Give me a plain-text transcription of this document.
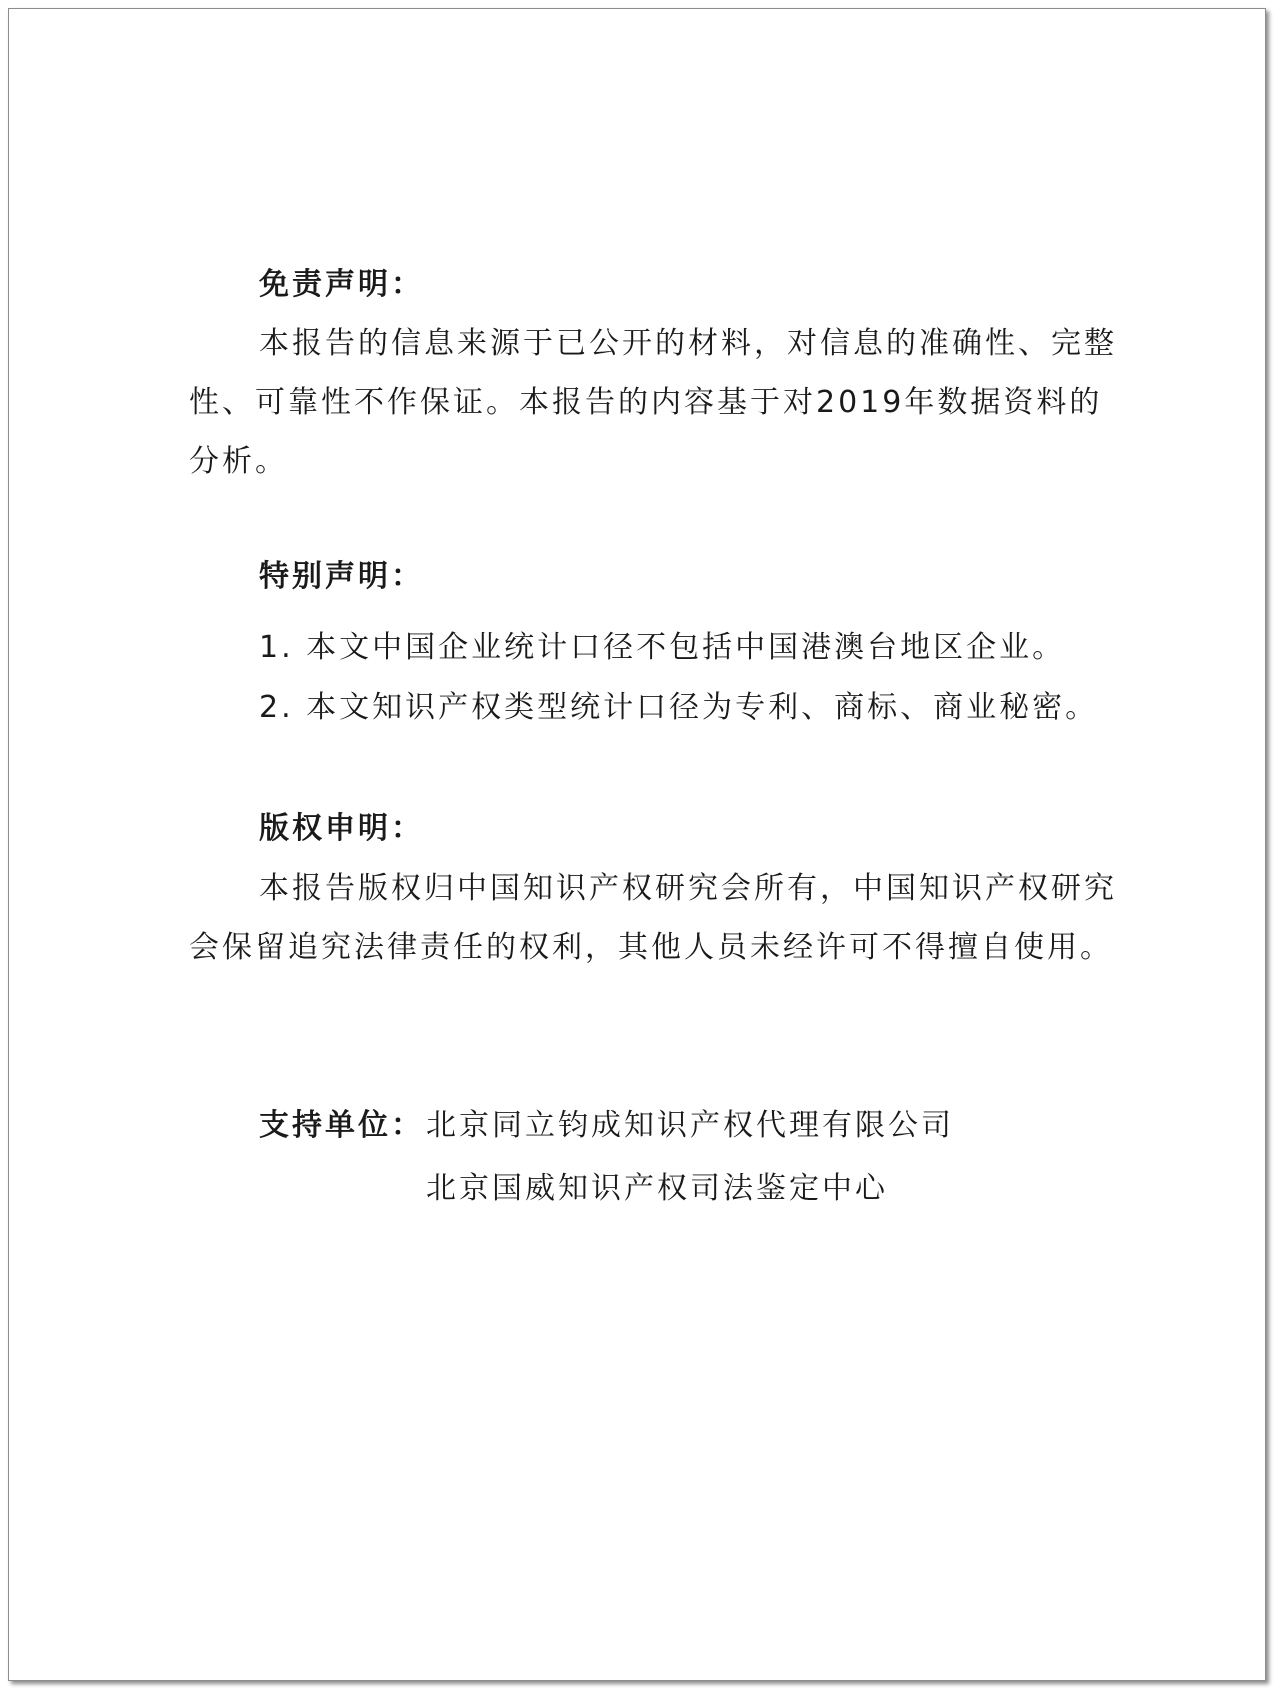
免责声明：

本报告的信息来源于已公开的材料，对信息的准确性、完整性、可靠性不作保证。本报告的内容基于对2019年数据资料的分析。

特别声明：
1. 本文中国企业统计口径不包括中国港澳台地区企业。
2. 本文知识产权类型统计口径为专利、商标、商业秘密。
版权申明：

本报告版权归中国知识产权研究会所有，中国知识产权研究会保留追究法律责任的权利，其他人员未经许可不得擅自使用。

支持单位： 北京同立钧成知识产权代理有限公司
北京国威知识产权司法鉴定中心
